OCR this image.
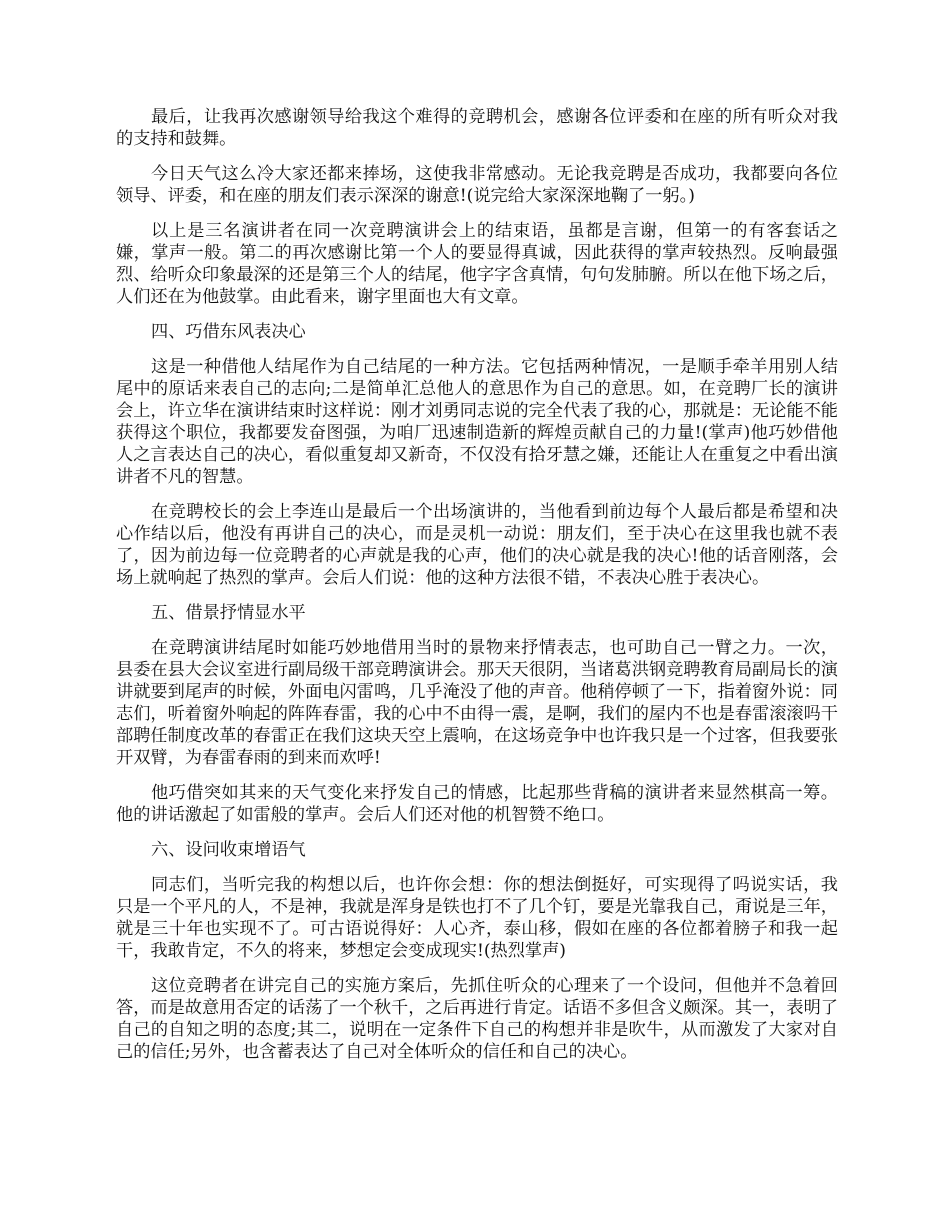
最后，让我再次感谢领导给我这个难得的竞聘机会，感谢各位评委和在座的所有听众对我的支持和鼓舞。

今日天气这么冷大家还都来捧场，这使我非常感动。无论我竞聘是否成功，我都要向各位领导、评委，和在座的朋友们表示深深的谢意!(说完给大家深深地鞠了一躬。)

以上是三名演讲者在同一次竞聘演讲会上的结束语，虽都是言谢，但第一的有客套话之嫌，掌声一般。第二的再次感谢比第一个人的要显得真诚，因此获得的掌声较热烈。反响最强烈、给听众印象最深的还是第三个人的结尾，他字字含真情，句句发肺腑。所以在他下场之后，人们还在为他鼓掌。由此看来，谢字里面也大有文章。

四、巧借东风表决心

这是一种借他人结尾作为自己结尾的一种方法。它包括两种情况，一是顺手牵羊用别人结尾中的原话来表自己的志向;二是简单汇总他人的意思作为自己的意思。如，在竞聘厂长的演讲会上，许立华在演讲结束时这样说：刚才刘勇同志说的完全代表了我的心，那就是：无论能不能获得这个职位，我都要发奋图强，为咱厂迅速制造新的辉煌贡献自己的力量!(掌声)他巧妙借他人之言表达自己的决心，看似重复却又新奇，不仅没有拾牙慧之嫌，还能让人在重复之中看出演讲者不凡的智慧。

在竞聘校长的会上李连山是最后一个出场演讲的，当他看到前边每个人最后都是希望和决心作结以后，他没有再讲自己的决心，而是灵机一动说：朋友们，至于决心在这里我也就不表了，因为前边每一位竞聘者的心声就是我的心声，他们的决心就是我的决心!他的话音刚落，会场上就响起了热烈的掌声。会后人们说：他的这种方法很不错，不表决心胜于表决心。

五、借景抒情显水平

在竞聘演讲结尾时如能巧妙地借用当时的景物来抒情表志，也可助自己一臂之力。一次，县委在县大会议室进行副局级干部竞聘演讲会。那天天很阴，当诸葛洪钢竞聘教育局副局长的演讲就要到尾声的时候，外面电闪雷鸣，几乎淹没了他的声音。他稍停顿了一下，指着窗外说：同志们，听着窗外响起的阵阵春雷，我的心中不由得一震，是啊，我们的屋内不也是春雷滚滚吗干部聘任制度改革的春雷正在我们这块天空上震响，在这场竞争中也许我只是一个过客，但我要张开双臂，为春雷春雨的到来而欢呼!

他巧借突如其来的天气变化来抒发自己的情感，比起那些背稿的演讲者来显然棋高一筹。他的讲话激起了如雷般的掌声。会后人们还对他的机智赞不绝口。

六、设问收束增语气

同志们，当听完我的构想以后，也许你会想：你的想法倒挺好，可实现得了吗说实话，我只是一个平凡的人，不是神，我就是浑身是铁也打不了几个钉，要是光靠我自己，甭说是三年，就是三十年也实现不了。可古语说得好：人心齐，泰山移，假如在座的各位都着膀子和我一起干，我敢肯定，不久的将来，梦想定会变成现实!(热烈掌声)

这位竞聘者在讲完自己的实施方案后，先抓住听众的心理来了一个设问，但他并不急着回答，而是故意用否定的话荡了一个秋千，之后再进行肯定。话语不多但含义颇深。其一，表明了自己的自知之明的态度;其二，说明在一定条件下自己的构想并非是吹牛，从而激发了大家对自己的信任;另外，也含蓄表达了自己对全体听众的信任和自己的决心。
